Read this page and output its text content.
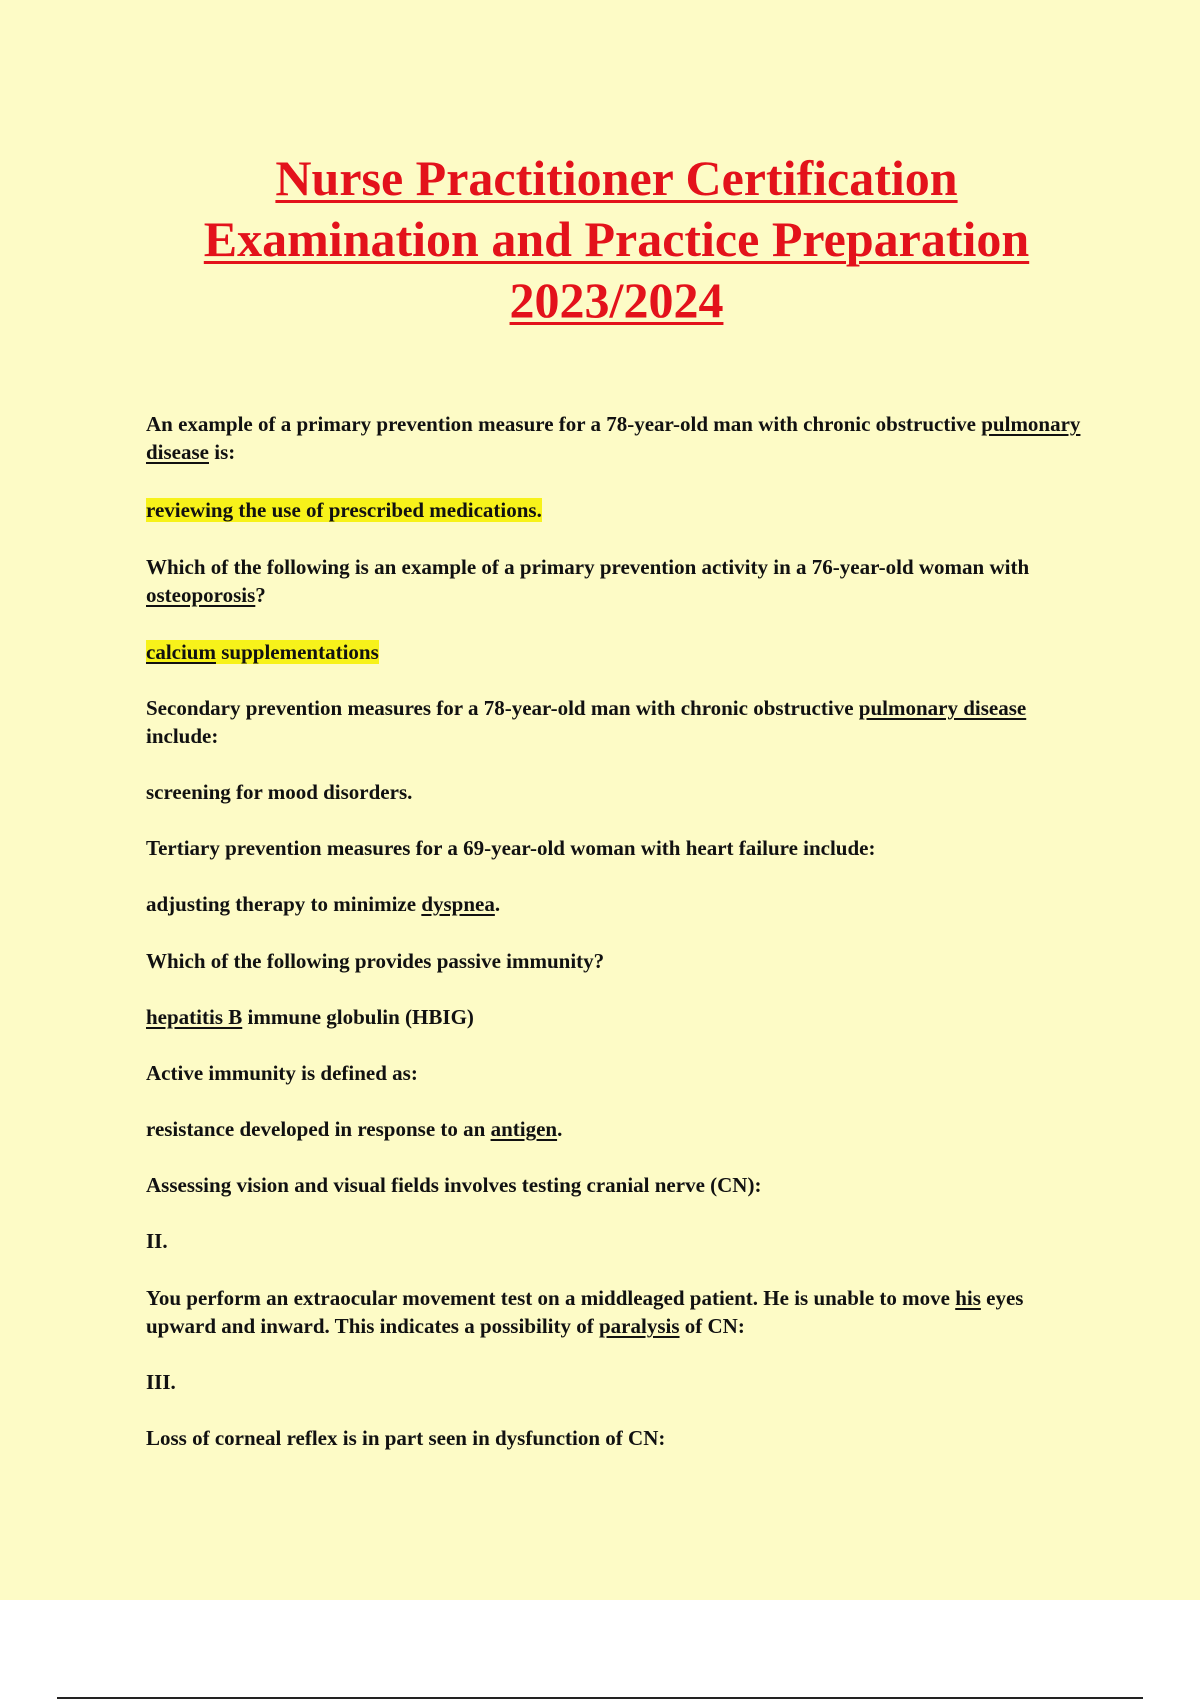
Nurse Practitioner Certification
Examination and Practice Preparation
2023/2024

An example of a primary prevention measure for a 78-year-old man with chronic obstructive pulmonary disease is:

reviewing the use of prescribed medications.

Which of the following is an example of a primary prevention activity in a 76-year-old woman with osteoporosis?

calcium supplementations

Secondary prevention measures for a 78-year-old man with chronic obstructive pulmonary disease include:

screening for mood disorders.

Tertiary prevention measures for a 69-year-old woman with heart failure include:

adjusting therapy to minimize dyspnea.

Which of the following provides passive immunity?

hepatitis B immune globulin (HBIG)

Active immunity is defined as:

resistance developed in response to an antigen.

Assessing vision and visual fields involves testing cranial nerve (CN):

II.

You perform an extraocular movement test on a middleaged patient. He is unable to move his eyes upward and inward. This indicates a possibility of paralysis of CN:

III.

Loss of corneal reflex is in part seen in dysfunction of CN:
